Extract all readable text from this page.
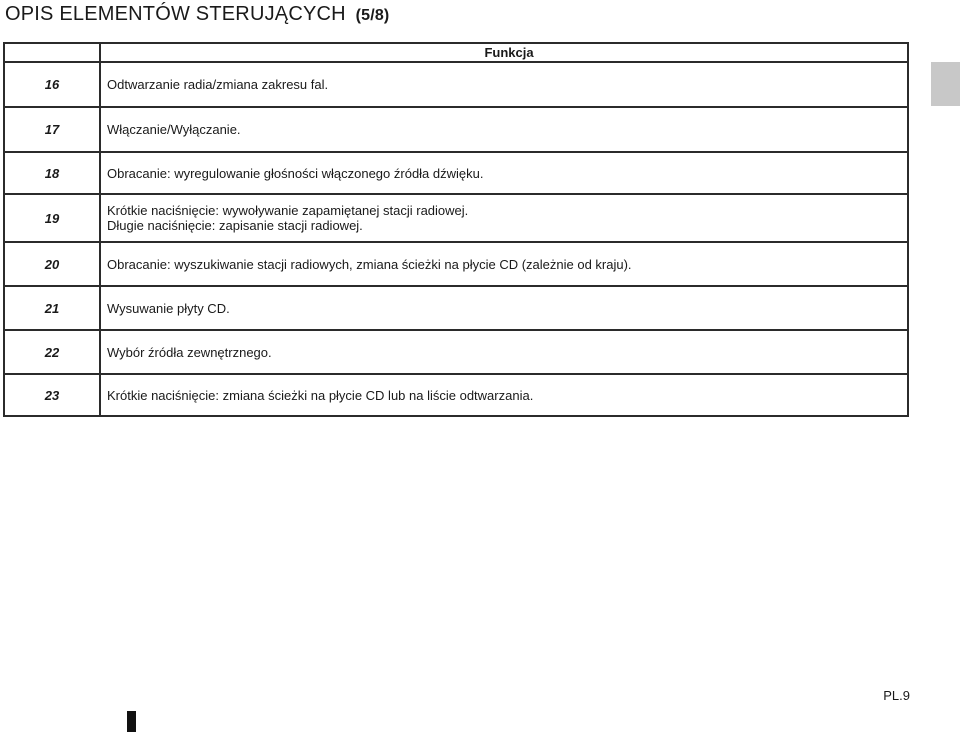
OPIS ELEMENTÓW STERUJĄCYCH (5/8)
	Funkcja
16	Odtwarzanie radia/zmiana zakresu fal.

17	Włączanie/Wyłączanie.

18	Obracanie: wyregulowanie głośności włączonego źródła dźwięku.

19	Krótkie naciśnięcie: wywoływanie zapamiętanej stacji radiowej.
Długie naciśnięcie: zapisanie stacji radiowej.

20	Obracanie: wyszukiwanie stacji radiowych, zmiana ścieżki na płycie CD (zależnie od kraju).

21	Wysuwanie płyty CD.

22	Wybór źródła zewnętrznego.

23	Krótkie naciśnięcie: zmiana ścieżki na płycie CD lub na liście odtwarzania.
PL.9
